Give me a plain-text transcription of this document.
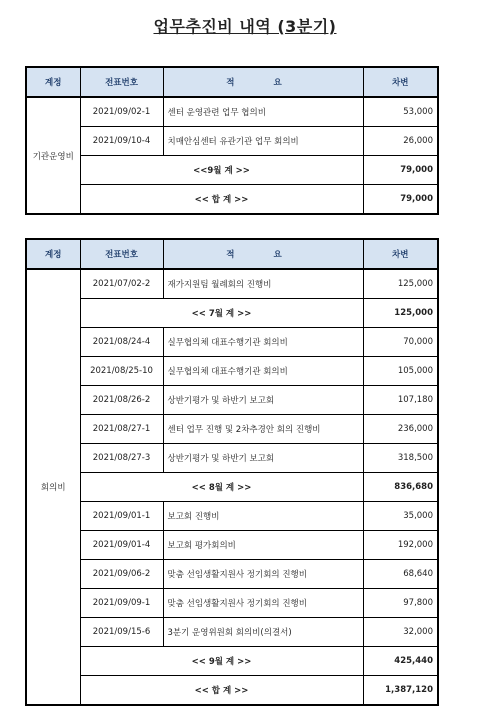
업무추진비 내역 (3분기)
계정	전표번호	적 요	차변
기관운영비	2021/09/02-1	센터 운영관련 업무 협의비	53,000
	2021/09/10-4	치매안심센터 유관기관 업무 회의비	26,000
	<<9월 계 >>		79,000
	<< 합 계 >>		79,000
계정	전표번호	적 요	차변
회의비	2021/07/02-2	재가지원팀 월례회의 진행비	125,000
	<< 7월 계 >>		125,000
	2021/08/24-4	실무협의체 대표수행기관 회의비	70,000
	2021/08/25-10	실무협의체 대표수행기관 회의비	105,000
	2021/08/26-2	상반기평가 및 하반기 보고회	107,180
	2021/08/27-1	센터 업무 진행 및 2차추경안 회의 진행비	236,000
	2021/08/27-3	상반기평가 및 하반기 보고회	318,500
	<< 8월 계 >>		836,680
	2021/09/01-1	보고회 진행비	35,000
	2021/09/01-4	보고회 평가회의비	192,000
	2021/09/06-2	맞춤 선임생활지원사 정기회의 진행비	68,640
	2021/09/09-1	맞춤 선임생활지원사 정기회의 진행비	97,800
	2021/09/15-6	3분기 운영위원회 회의비(의결서)	32,000
	<< 9월 계 >>		425,440
	<< 합 계 >>		1,387,120
